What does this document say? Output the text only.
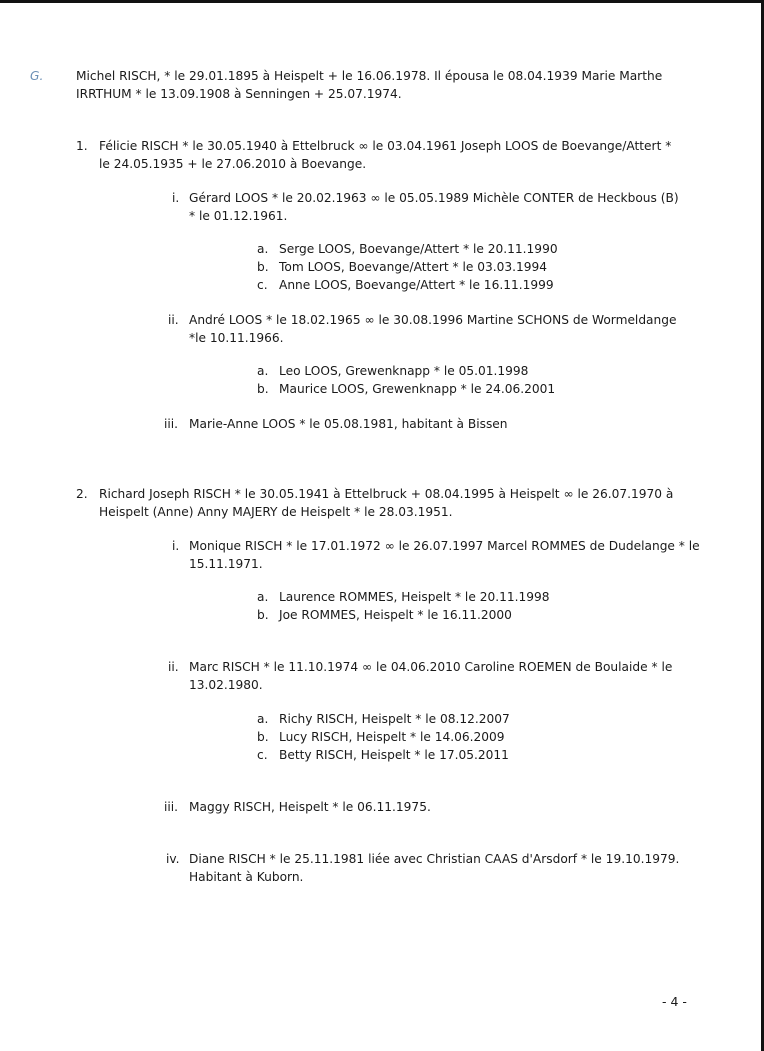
G.	Michel RISCH, * le 29.01.1895 à Heispelt + le 16.06.1978. Il épousa le 08.04.1939 Marie Marthe

IRRTHUM * le 13.09.1908 à Senningen + 25.07.1974.

1. Félicie RISCH * le 30.05.1940 à Ettelbruck ∞ le 03.04.1961 Joseph LOOS de Boevange/Attert *

le 24.05.1935 + le 27.06.2010 à Boevange.

i. Gérard LOOS * le 20.02.1963 ∞ le 05.05.1989 Michèle CONTER de Heckbous (B)

* le 01.12.1961.

a. Serge LOOS, Boevange/Attert * le 20.11.1990
b. Tom LOOS, Boevange/Attert * le 03.03.1994
c. Anne LOOS, Boevange/Attert * le 16.11.1999
ii. André LOOS * le 18.02.1965 ∞ le 30.08.1996 Martine SCHONS de Wormeldange

*le 10.11.1966.

a. Leo LOOS, Grewenknapp * le 05.01.1998
b. Maurice LOOS, Grewenknapp * le 24.06.2001
iii. Marie-Anne LOOS * le 05.08.1981, habitant à Bissen

2. Richard Joseph RISCH * le 30.05.1941 à Ettelbruck + 08.04.1995 à Heispelt ∞ le 26.07.1970 à

Heispelt (Anne) Anny MAJERY de Heispelt * le 28.03.1951.

i. Monique RISCH * le 17.01.1972 ∞ le 26.07.1997 Marcel ROMMES de Dudelange * le

15.11.1971.

a. Laurence ROMMES, Heispelt * le 20.11.1998
b. Joe ROMMES, Heispelt * le 16.11.2000
ii. Marc RISCH * le 11.10.1974 ∞ le 04.06.2010 Caroline ROEMEN de Boulaide * le

13.02.1980.

a. Richy RISCH, Heispelt * le 08.12.2007
b. Lucy RISCH, Heispelt * le 14.06.2009
c. Betty RISCH, Heispelt * le 17.05.2011
iii. Maggy RISCH, Heispelt * le 06.11.1975.

iv. Diane RISCH * le 25.11.1981 liée avec Christian CAAS d'Arsdorf * le 19.10.1979.

Habitant à Kuborn.

- 4 -
